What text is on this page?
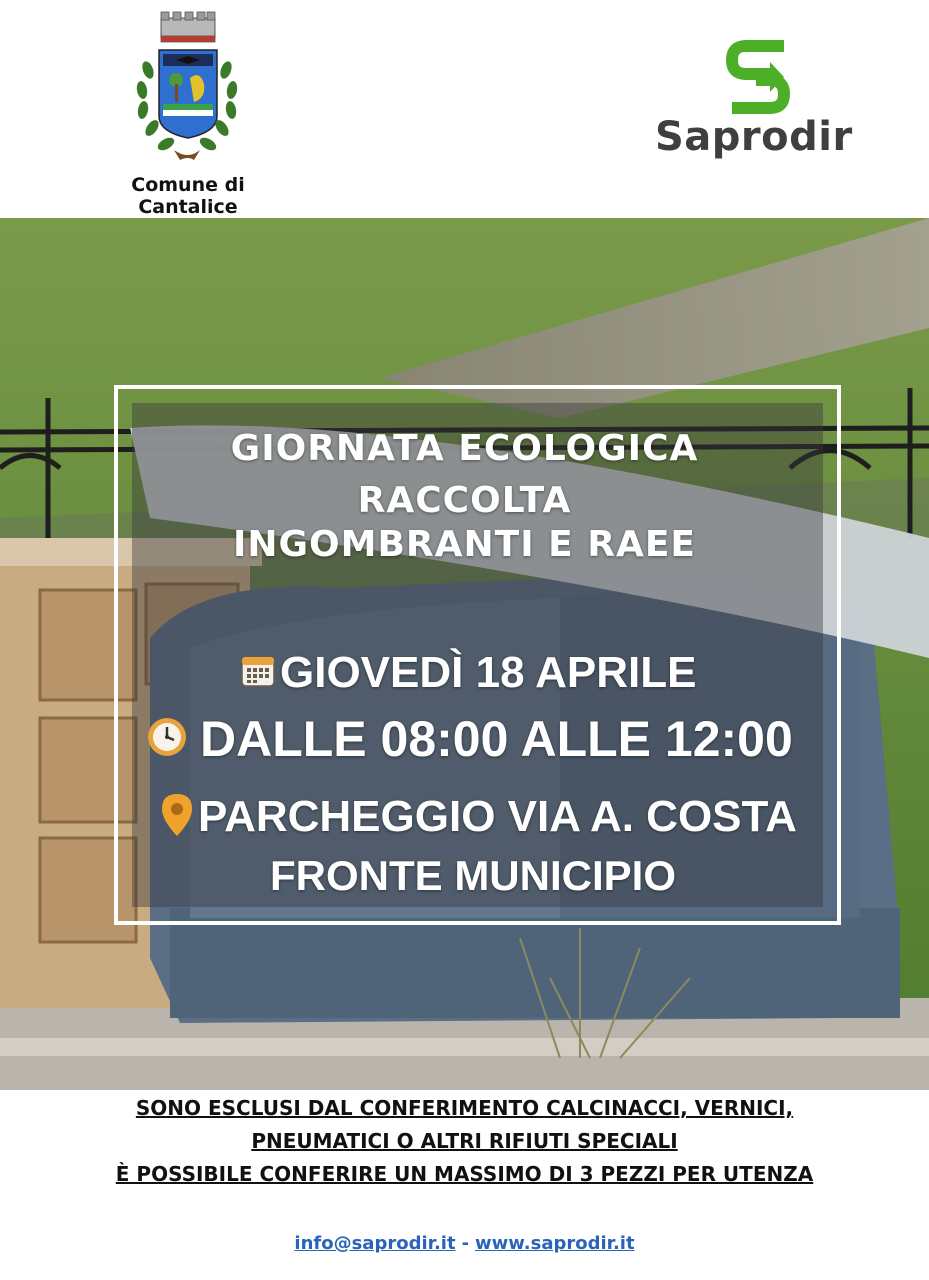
Comune di Cantalice
Saprodir
GIORNATA ECOLOGICA
RACCOLTA
INGOMBRANTI E RAEE
GIOVEDÌ 18 APRILE
DALLE 08:00 ALLE 12:00
PARCHEGGIO VIA A. COSTA
FRONTE MUNICIPIO
SONO ESCLUSI DAL CONFERIMENTO CALCINACCI, VERNICI,
PNEUMATICI O ALTRI RIFIUTI SPECIALI
È POSSIBILE CONFERIRE UN MASSIMO DI 3 PEZZI PER UTENZA
info@saprodir.it - www.saprodir.it
